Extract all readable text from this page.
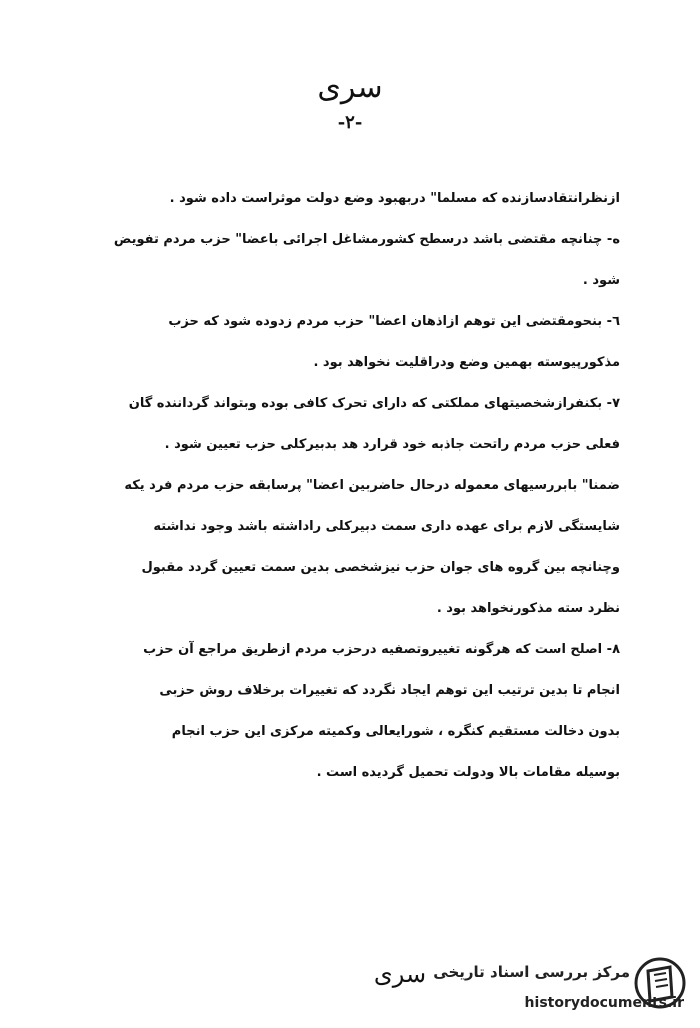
سری
-۲-
ازنظرانتقادسازنده که مسلما" دربهبود وضع دولت موثراست داده شود .
ه- چنانچه مقتضی باشد درسطح کشورمشاغل اجرائی باعضا" حزب مردم تفویض
شود .
٦- بنحومقتضی این توهم ازاذهان اعضا" حزب مردم زدوده شود که حزب
مذکورپیوسته بهمین وضع ودراقلیت نخواهد بود .
٧- بکنفرازشخصیتهای مملکتی که دارای تحرک کافی بوده وبتواند گرداننده گان
فعلی حزب مردم راتحت جاذبه خود قرارد هد بدبیرکلی حزب تعیین شود .
ضمنا" بابررسیهای معموله درحال حاضربین اعضا" پرسابقه حزب مردم فرد یکه
شایستگی لازم برای عهده داری سمت دبیرکلی راداشته باشد وجود نداشته
وچنانچه بین گروه های جوان حزب نیزشخصی بدین سمت تعیین گردد مقبول
نظرد سته مذکورنخواهد بود .
٨- اصلح است که هرگونه تغییروتصفیه درحزب مردم ازطریق مراجع آن حزب
انجام تا بدین ترتیب این توهم ایجاد نگردد که تغییرات برخلاف روش حزبی
بدون دخالت مستقیم کنگره ، شورایعالی وکمیته مرکزی این حزب انجام
بوسیله مقامات بالا ودولت تحمیل گردیده است .
سری مرکز بررسی اسناد تاریخی
historydocuments.ir
